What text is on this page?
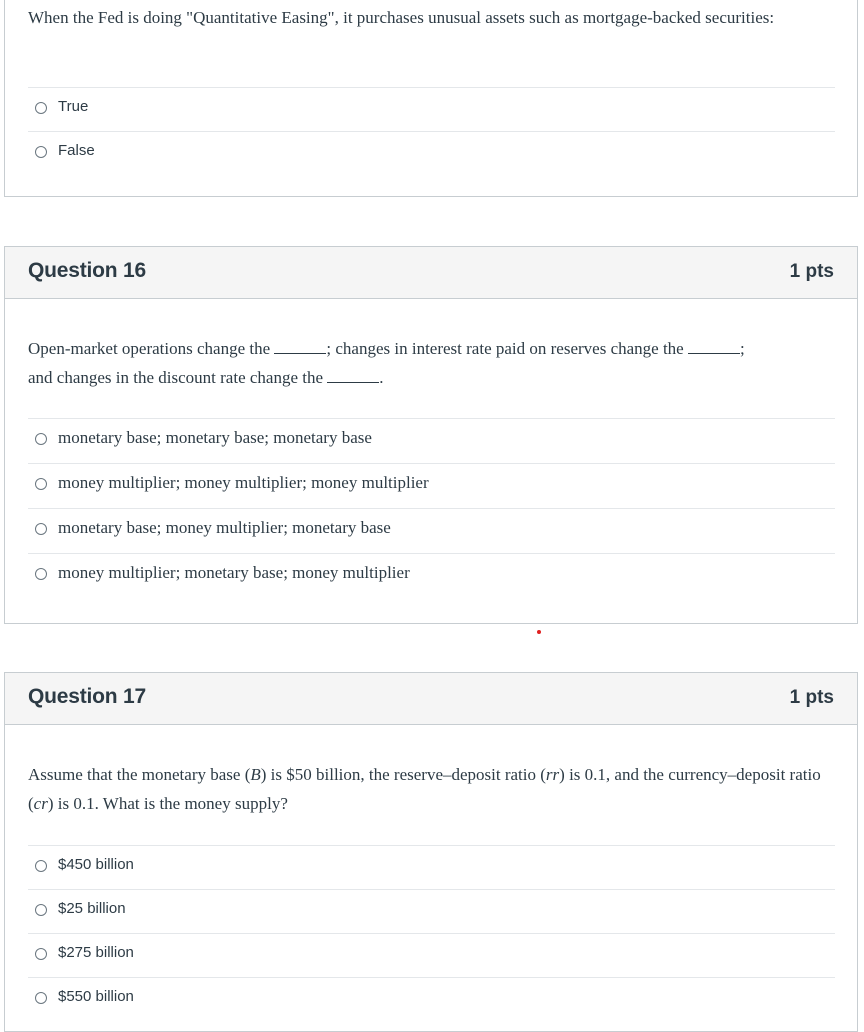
When the Fed is doing "Quantitative Easing", it purchases unusual assets such as mortgage-backed securities:
True
False
Question 16	1 pts
Open-market operations change the	; changes in interest rate paid on reserves change the	;
and changes in the discount rate change the	.
monetary base; monetary base; monetary base
money multiplier; money multiplier; money multiplier
monetary base; money multiplier; monetary base
money multiplier; monetary base; money multiplier
Question 17	1 pts
Assume that the monetary base (B) is $50 billion, the reserve–deposit ratio (rr) is 0.1, and the currency–deposit ratio (cr) is 0.1. What is the money supply?
$450 billion
$25 billion
$275 billion
$550 billion
